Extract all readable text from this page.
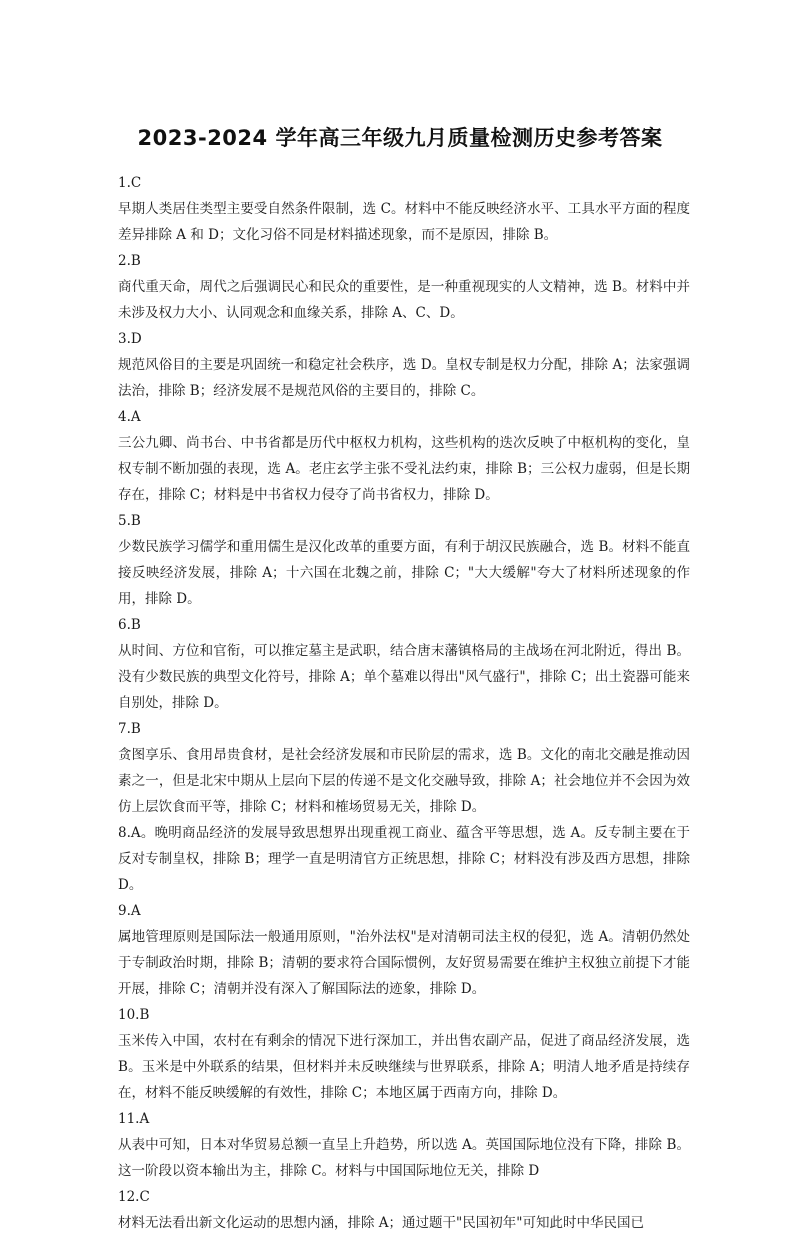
2023-2024 学年高三年级九月质量检测历史参考答案
1.C
早期人类居住类型主要受自然条件限制，选 C。材料中不能反映经济水平、工具水平方面的程度差异排除 A 和 D；文化习俗不同是材料描述现象，而不是原因，排除 B。
2.B
商代重天命，周代之后强调民心和民众的重要性，是一种重视现实的人文精神，选 B。材料中并未涉及权力大小、认同观念和血缘关系，排除 A、C、D。
3.D
规范风俗目的主要是巩固统一和稳定社会秩序，选 D。皇权专制是权力分配，排除 A；法家强调法治，排除 B；经济发展不是规范风俗的主要目的，排除 C。
4.A
三公九卿、尚书台、中书省都是历代中枢权力机构，这些机构的迭次反映了中枢机构的变化，皇权专制不断加强的表现，选 A。老庄玄学主张不受礼法约束，排除 B；三公权力虚弱，但是长期存在，排除 C；材料是中书省权力侵夺了尚书省权力，排除 D。
5.B
少数民族学习儒学和重用儒生是汉化改革的重要方面，有利于胡汉民族融合，选 B。材料不能直接反映经济发展，排除 A；十六国在北魏之前，排除 C；"大大缓解"夸大了材料所述现象的作用，排除 D。
6.B
从时间、方位和官衔，可以推定墓主是武职，结合唐末藩镇格局的主战场在河北附近，得出 B。没有少数民族的典型文化符号，排除 A；单个墓难以得出"风气盛行"，排除 C；出土瓷器可能来自别处，排除 D。
7.B
贪图享乐、食用昂贵食材，是社会经济发展和市民阶层的需求，选 B。文化的南北交融是推动因素之一，但是北宋中期从上层向下层的传递不是文化交融导致，排除 A；社会地位并不会因为效仿上层饮食而平等，排除 C；材料和榷场贸易无关，排除 D。
8.A。晚明商品经济的发展导致思想界出现重视工商业、蕴含平等思想，选 A。反专制主要在于反对专制皇权，排除 B；理学一直是明清官方正统思想，排除 C；材料没有涉及西方思想，排除 D。
9.A
属地管理原则是国际法一般通用原则，"治外法权"是对清朝司法主权的侵犯，选 A。清朝仍然处于专制政治时期，排除 B；清朝的要求符合国际惯例，友好贸易需要在维护主权独立前提下才能开展，排除 C；清朝并没有深入了解国际法的迹象，排除 D。
10.B
玉米传入中国，农村在有剩余的情况下进行深加工，并出售农副产品，促进了商品经济发展，选 B。玉米是中外联系的结果，但材料并未反映继续与世界联系，排除 A；明清人地矛盾是持续存在，材料不能反映缓解的有效性，排除 C；本地区属于西南方向，排除 D。
11.A
从表中可知，日本对华贸易总额一直呈上升趋势，所以选 A。英国国际地位没有下降，排除 B。这一阶段以资本输出为主，排除 C。材料与中国国际地位无关，排除 D
12.C
材料无法看出新文化运动的思想内涵，排除 A；通过题干"民国初年"可知此时中华民国已
